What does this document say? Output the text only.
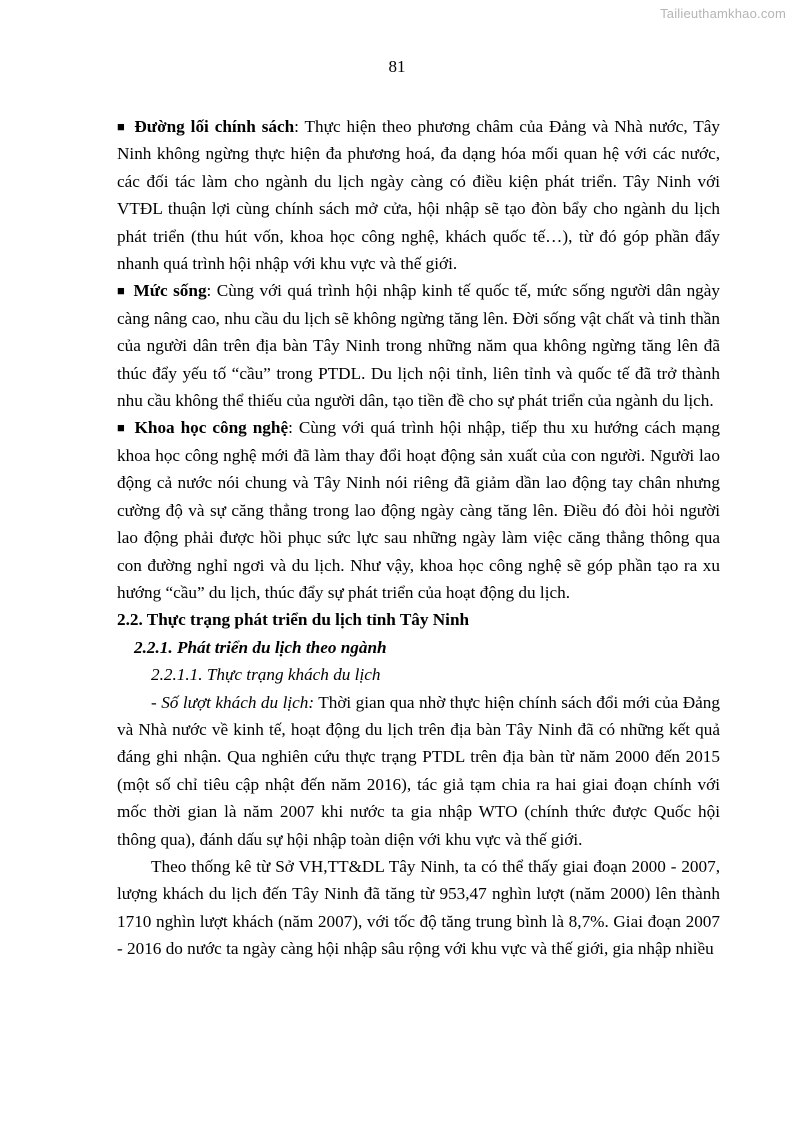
Tailieuthamkhao.com
81

■ Đường lối chính sách: Thực hiện theo phương châm của Đảng và Nhà nước, Tây Ninh không ngừng thực hiện đa phương hoá, đa dạng hóa mối quan hệ với các nước, các đối tác làm cho ngành du lịch ngày càng có điều kiện phát triển. Tây Ninh với VTĐL thuận lợi cùng chính sách mở cửa, hội nhập sẽ tạo đòn bẩy cho ngành du lịch phát triển (thu hút vốn, khoa học công nghệ, khách quốc tế…), từ đó góp phần đẩy nhanh quá trình hội nhập với khu vực và thế giới.

■ Mức sống: Cùng với quá trình hội nhập kinh tế quốc tế, mức sống người dân ngày càng nâng cao, nhu cầu du lịch sẽ không ngừng tăng lên. Đời sống vật chất và tinh thần của người dân trên địa bàn Tây Ninh trong những năm qua không ngừng tăng lên đã thúc đẩy yếu tố “cầu” trong PTDL. Du lịch nội tỉnh, liên tỉnh và quốc tế đã trở thành nhu cầu không thể thiếu của người dân, tạo tiền đề cho sự phát triển của ngành du lịch.

■ Khoa học công nghệ: Cùng với quá trình hội nhập, tiếp thu xu hướng cách mạng khoa học công nghệ mới đã làm thay đổi hoạt động sản xuất của con người. Người lao động cả nước nói chung và Tây Ninh nói riêng đã giảm dần lao động tay chân nhưng cường độ và sự căng thẳng trong lao động ngày càng tăng lên. Điều đó đòi hỏi người lao động phải được hồi phục sức lực sau những ngày làm việc căng thẳng thông qua con đường nghỉ ngơi và du lịch. Như vậy, khoa học công nghệ sẽ góp phần tạo ra xu hướng “cầu” du lịch, thúc đẩy sự phát triển của hoạt động du lịch.

2.2. Thực trạng phát triển du lịch tỉnh Tây Ninh

2.2.1. Phát triển du lịch theo ngành

2.2.1.1. Thực trạng khách du lịch

- Số lượt khách du lịch: Thời gian qua nhờ thực hiện chính sách đổi mới của Đảng và Nhà nước về kinh tế, hoạt động du lịch trên địa bàn Tây Ninh đã có những kết quả đáng ghi nhận. Qua nghiên cứu thực trạng PTDL trên địa bàn từ năm 2000 đến 2015 (một số chỉ tiêu cập nhật đến năm 2016), tác giả tạm chia ra hai giai đoạn chính với mốc thời gian là năm 2007 khi nước ta gia nhập WTO (chính thức được Quốc hội thông qua), đánh dấu sự hội nhập toàn diện với khu vực và thế giới.

Theo thống kê từ Sở VH,TT&DL Tây Ninh, ta có thể thấy giai đoạn 2000 - 2007, lượng khách du lịch đến Tây Ninh đã tăng từ 953,47 nghìn lượt (năm 2000) lên thành 1710 nghìn lượt khách (năm 2007), với tốc độ tăng trung bình là 8,7%. Giai đoạn 2007 - 2016 do nước ta ngày càng hội nhập sâu rộng với khu vực và thế giới, gia nhập nhiều
